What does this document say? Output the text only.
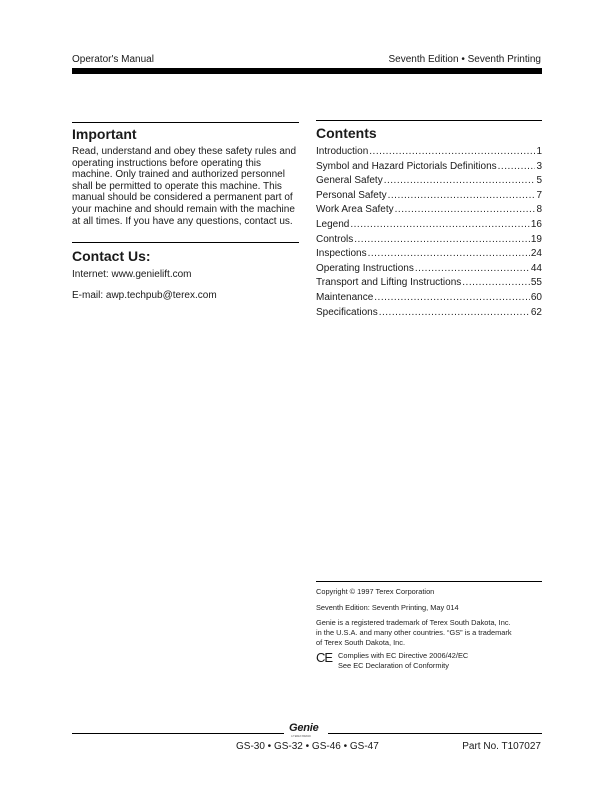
Operator's Manual	Seventh Edition • Seventh Printing
Important
Read, understand and obey these safety rules and operating instructions before operating this machine. Only trained and authorized personnel shall be permitted to operate this machine. This manual should be considered a permanent part of your machine and should remain with the machine at all times. If you have any questions, contact us.
Contact Us:
Internet: www.genielift.com
E-mail: awp.techpub@terex.com
Contents
Introduction .....	1
Symbol and Hazard Pictorials Definitions .....	3
General Safety .....	5
Personal Safety .....	7
Work Area Safety .....	8
Legend .....	16
Controls .....	19
Inspections .....	24
Operating Instructions .....	44
Transport and Lifting Instructions .....	55
Maintenance .....	60
Specifications .....	62
Copyright © 1997 Terex Corporation
Seventh Edition: Seventh Printing, May 014
Genie is a registered trademark of Terex South Dakota, Inc.
in the U.S.A. and many other countries. “GS” is a trademark
of Terex South Dakota, Inc.
CE Complies with EC Directive 2006/42/EC
See EC Declaration of Conformity
Genie
A TEREX BRAND
GS-30 • GS-32 • GS-46 • GS-47	Part No. T107027
